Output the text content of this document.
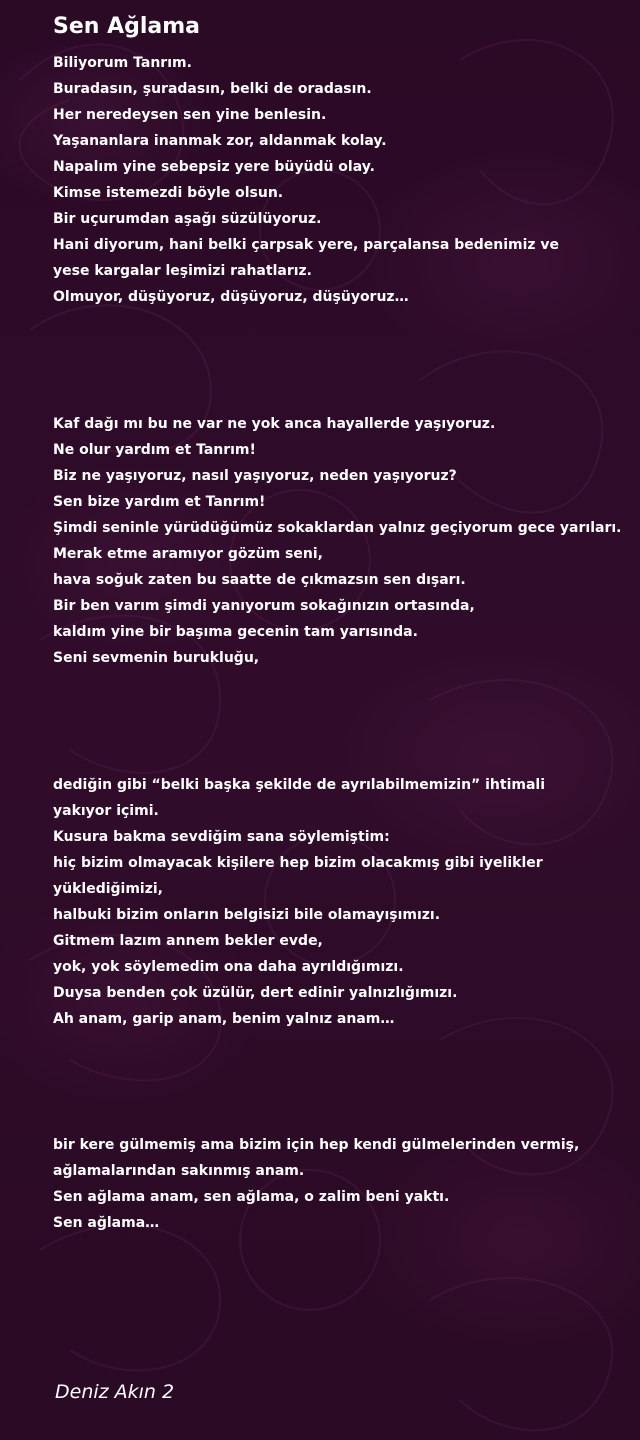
Sen Ağlama
Biliyorum Tanrım.
Buradasın, şuradasın, belki de oradasın.
Her neredeysen sen yine benlesin.
Yaşananlara inanmak zor, aldanmak kolay.
Napalım yine sebepsiz yere büyüdü olay.
Kimse istemezdi böyle olsun.
Bir uçurumdan aşağı süzülüyoruz.
Hani diyorum, hani belki çarpsak yere, parçalansa bedenimiz ve
yese kargalar leşimizi rahatlarız.
Olmuyor, düşüyoruz, düşüyoruz, düşüyoruz…
Kaf dağı mı bu ne var ne yok anca hayallerde yaşıyoruz.
Ne olur yardım et Tanrım!
Biz ne yaşıyoruz, nasıl yaşıyoruz, neden yaşıyoruz?
Sen bize yardım et Tanrım!
Şimdi seninle yürüdüğümüz sokaklardan yalnız geçiyorum gece yarıları.
Merak etme aramıyor gözüm seni,
hava soğuk zaten bu saatte de çıkmazsın sen dışarı.
Bir ben varım şimdi yanıyorum sokağınızın ortasında,
kaldım yine bir başıma gecenin tam yarısında.
Seni sevmenin burukluğu,
dediğin gibi “belki başka şekilde de ayrılabilmemizin” ihtimali
yakıyor içimi.
Kusura bakma sevdiğim sana söylemiştim:
hiç bizim olmayacak kişilere hep bizim olacakmış gibi iyelikler
yüklediğimizi,
halbuki bizim onların belgisizi bile olamayışımızı.
Gitmem lazım annem bekler evde,
yok, yok söylemedim ona daha ayrıldığımızı.
Duysa benden çok üzülür, dert edinir yalnızlığımızı.
Ah anam, garip anam, benim yalnız anam…
bir kere gülmemiş ama bizim için hep kendi gülmelerinden vermiş,
ağlamalarından sakınmış anam.
Sen ağlama anam, sen ağlama, o zalim beni yaktı.
Sen ağlama…
Deniz Akın 2
